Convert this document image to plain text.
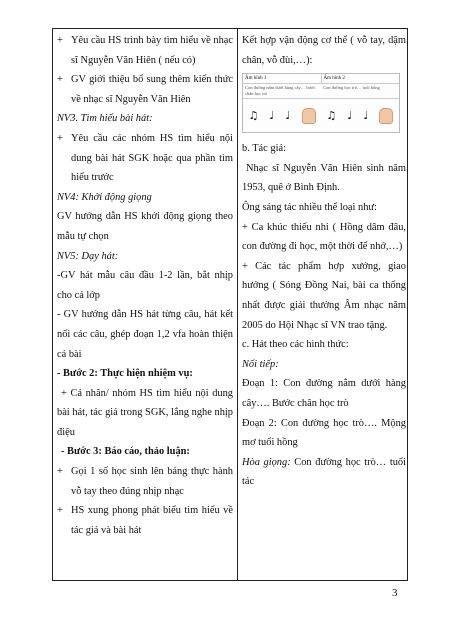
+ Yêu cầu HS trình bày tìm hiểu về nhạc sĩ Nguyễn Văn Hiên ( nếu có)
+ GV giới thiệu bổ sung thêm kiến thức về nhạc sĩ Nguyễn Văn Hiên
NV3. Tìm hiểu bài hát:
+ Yêu cầu các nhóm HS tìm hiểu nội dung bài hát SGK hoặc qua phần tìm hiểu trước
NV4: Khởi động giọng
GV hướng dẫn HS khởi động giọng theo mẫu tự chọn
NV5: Dạy hát:
-GV hát mẫu câu đầu 1-2 lần, bắt nhịp cho cả lớp
- GV hướng dẫn HS hát từng câu, hát kết nối các câu, ghép đoạn 1,2 vfa hoàn thiện cả bài
- Bước 2: Thực hiện nhiệm vụ:
+ Cá nhân/ nhóm HS tìm hiểu nội dung bài hát, tác giả trong SGK, lắng nghe nhịp điệu
- Bước 3: Báo cáo, thảo luận:
+ Gọi 1 số học sinh lên bảng thực hành vỗ tay theo đúng nhịp nhạc
+ HS xung phong phát biểu tìm hiểu về tác giả và bài hát
Kết hợp vận động cơ thể ( vỗ tay, dậm chân, vỗ đùi,…):
Âm hình 1	Âm hình 2
Con đường nằm dưới hàng cây… bước chân học trò
Con đường học trò… tuổi hồng
♫ ♩ ♩	♫ ♩ ♩
b. Tác giả:
Nhạc sĩ Nguyễn Văn Hiên sinh năm 1953, quê ở Bình Định.
Ông sáng tác nhiều thể loại như:
+ Ca khúc thiếu nhi ( Hồng dâm đâu, con đường đi học, một thời để nhớ,…)
+ Các tác phẩm hợp xướng, giao hưởng ( Sóng Đồng Nai, bài ca thống nhất được giải thưởng Âm nhạc năm 2005 do Hội Nhạc sĩ VN trao tặng.
c. Hát theo các hình thức:
Nối tiếp:
Đoạn 1: Con đường nằm dưới hàng cây…. Bước chân học trò
Đoạn 2: Con đường học trò…. Mộng mơ tuổi hồng
Hòa giọng: Con đường học trò… tuổi tác
3
